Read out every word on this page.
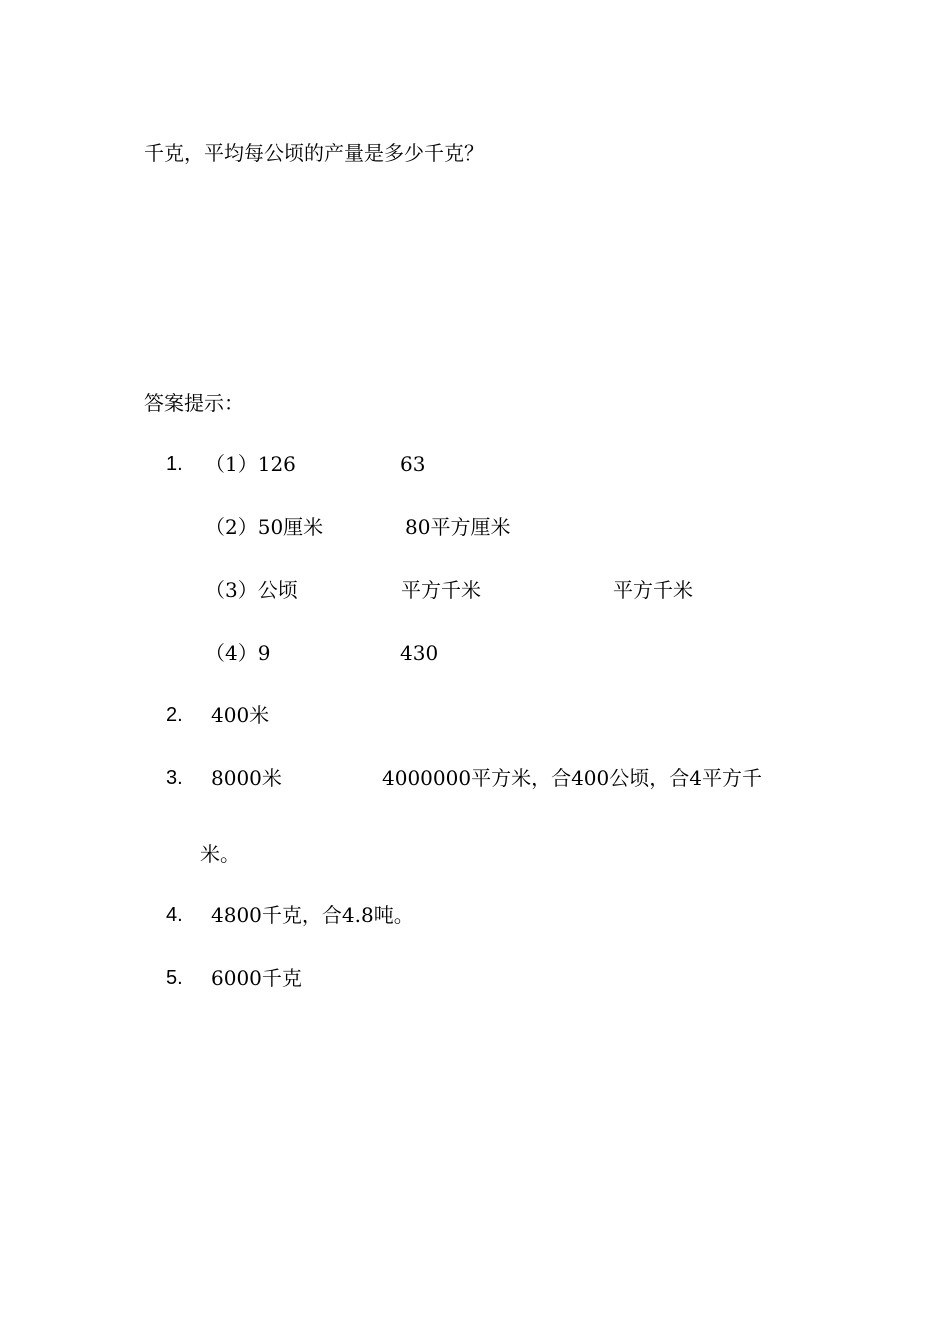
千克，平均每公顷的产量是多少千克？
答案提示：
1. （1）126	63
（2）50厘米	80平方厘米
（3）公顷	平方千米	平方千米
（4）9	430
2. 400米
3. 8000米	4000000平方米，合400公顷，合4平方千
米。
4. 4800千克，合4.8吨。
5. 6000千克
